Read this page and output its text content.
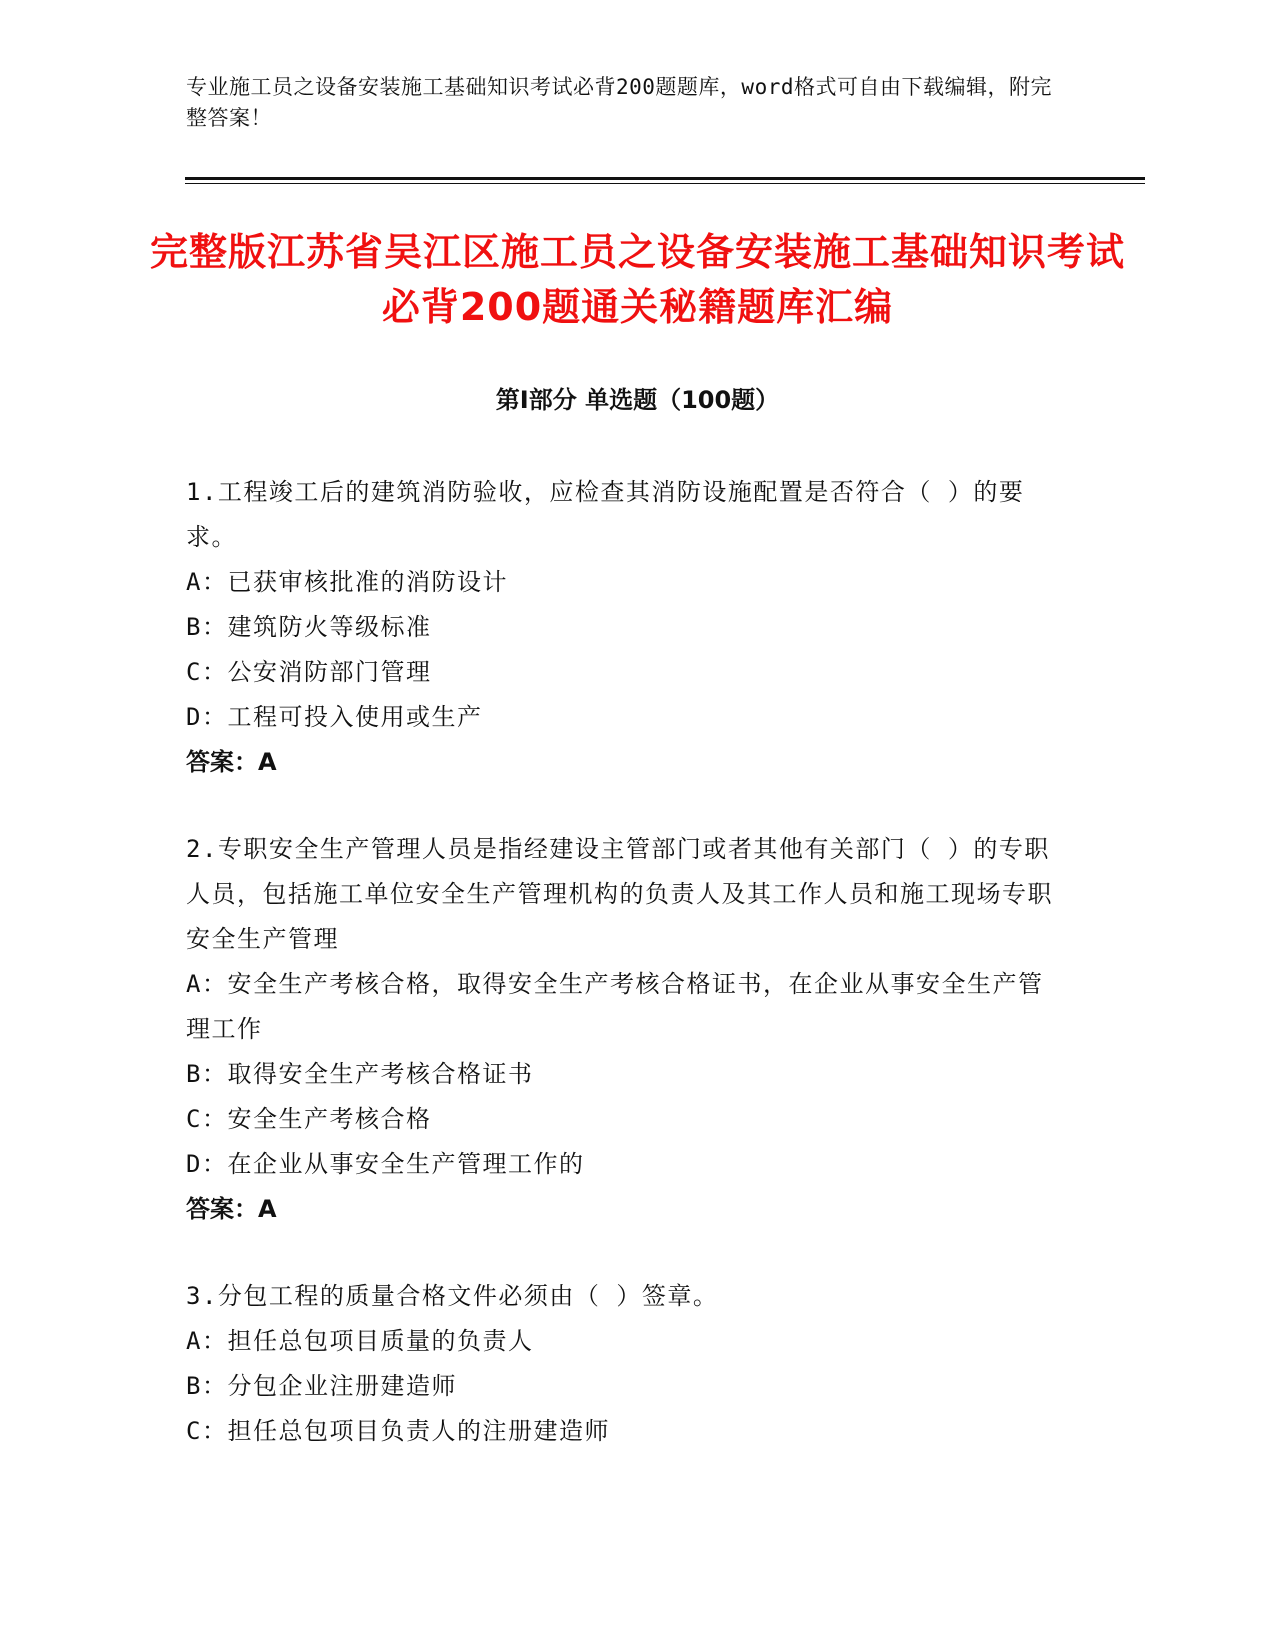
专业施工员之设备安装施工基础知识考试必背200题题库，word格式可自由下载编辑，附完整答案！
完整版江苏省吴江区施工员之设备安装施工基础知识考试必背200题通关秘籍题库汇编
第Ⅰ部分 单选题（100题）
1.工程竣工后的建筑消防验收，应检查其消防设施配置是否符合（ ）的要求。
A：已获审核批准的消防设计
B：建筑防火等级标准
C：公安消防部门管理
D：工程可投入使用或生产
答案：A
2.专职安全生产管理人员是指经建设主管部门或者其他有关部门（ ）的专职人员，包括施工单位安全生产管理机构的负责人及其工作人员和施工现场专职安全生产管理
A：安全生产考核合格，取得安全生产考核合格证书，在企业从事安全生产管理工作
B：取得安全生产考核合格证书
C：安全生产考核合格
D：在企业从事安全生产管理工作的
答案：A
3.分包工程的质量合格文件必须由（ ）签章。
A：担任总包项目质量的负责人
B：分包企业注册建造师
C：担任总包项目负责人的注册建造师
